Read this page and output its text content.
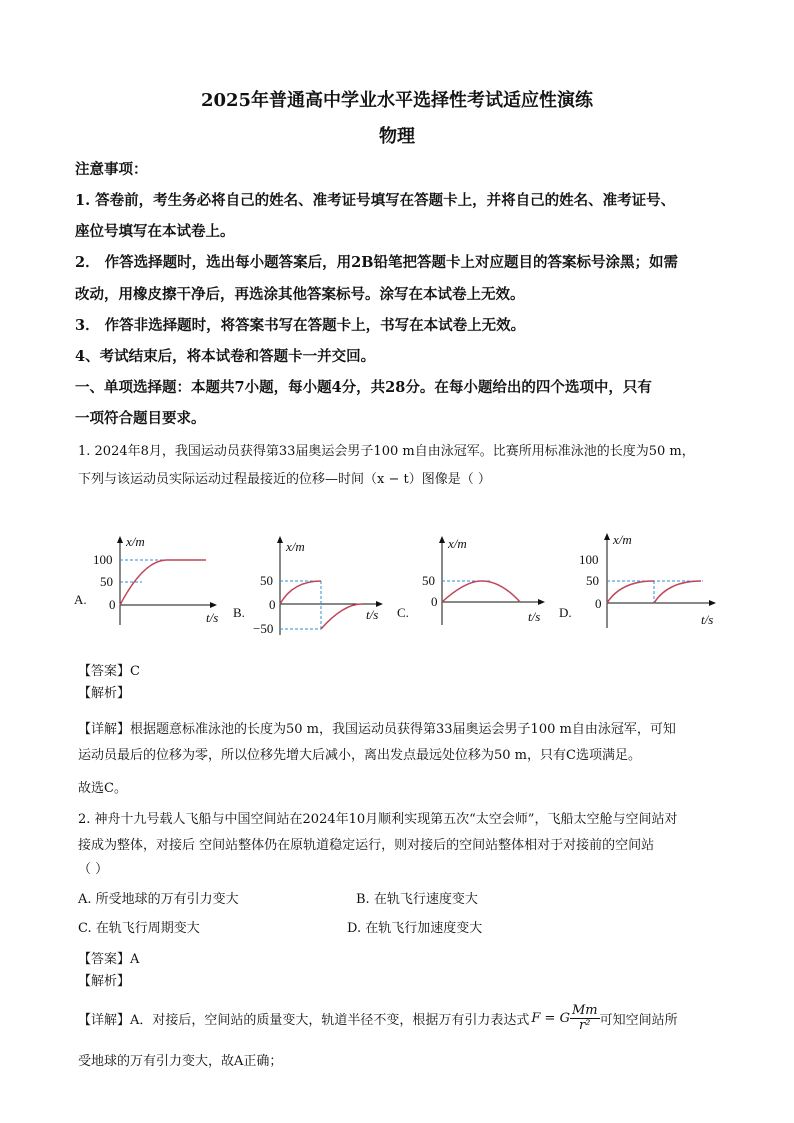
2025年普通高中学业水平选择性考试适应性演练
物理
注意事项：
1. 答卷前，考生务必将自己的姓名、准考证号填写在答题卡上，并将自己的姓名、准考证号、
座位号填写在本试卷上。
2． 作答选择题时，选出每小题答案后，用2B铅笔把答题卡上对应题目的答案标号涂黑；如需
改动，用橡皮擦干净后，再选涂其他答案标号。涂写在本试卷上无效。
3． 作答非选择题时，将答案书写在答题卡上，书写在本试卷上无效。
4、考试结束后，将本试卷和答题卡一并交回。
一、单项选择题：本题共7小题，每小题4分，共28分。在每小题给出的四个选项中，只有
一项符合题目要求。
1. 2024年8月，我国运动员获得第33届奥运会男子100 m自由泳冠军。比赛所用标准泳池的长度为50 m，
下列与该运动员实际运动过程最接近的位移—时间（x − t）图像是（ ）
A.
B.	C.	D.
100
50
0
x/m
t/s
50
0
−50
x/m
t/s
50
0
x/m
t/s
100
50
0
x/m
t/s
【答案】C
【解析】
【详解】根据题意标准泳池的长度为50 m，我国运动员获得第33届奥运会男子100 m自由泳冠军，可知
运动员最后的位移为零，所以位移先增大后减小，离出发点最远处位移为50 m，只有C选项满足。
故选C。
2. 神舟十九号载人飞船与中国空间站在2024年10月顺利实现第五次“太空会师”，飞船太空舱与空间站对
接成为整体，对接后 空间站整体仍在原轨道稳定运行，则对接后的空间站整体相对于对接前的空间站
（ ）
A. 所受地球的万有引力变大	B. 在轨飞行速度变大
C. 在轨飞行周期变大	D. 在轨飞行加速度变大
【答案】A
【解析】
【详解】A．对接后，空间站的质量变大，轨道半径不变，根据万有引力表达式 F = G $\frac{Mm}{\text{r²}}$ 可知空间站所
受地球的万有引力变大，故A正确；
